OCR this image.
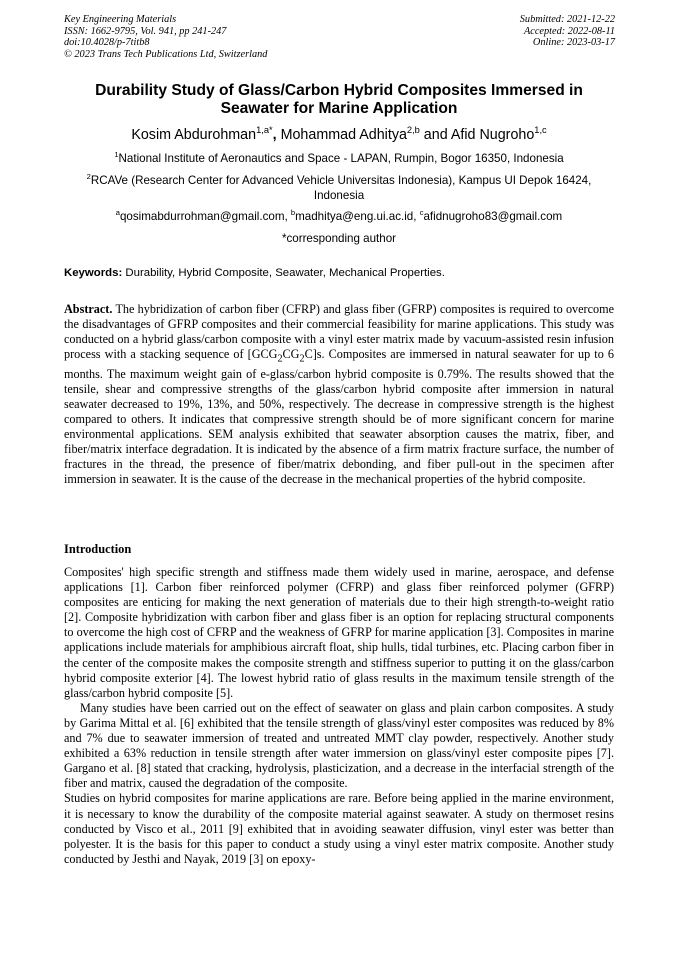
Key Engineering Materials
ISSN: 1662-9795, Vol. 941, pp 241-247
doi:10.4028/p-7titb8
© 2023 Trans Tech Publications Ltd, Switzerland
Submitted: 2021-12-22
Accepted: 2022-08-11
Online: 2023-03-17
Durability Study of Glass/Carbon Hybrid Composites Immersed in Seawater for Marine Application
Kosim Abdurohman$^{1,a*}$, Mohammad Adhitya$^{2,b}$ and Afid Nugroho$^{1,c}$
$^1$National Institute of Aeronautics and Space - LAPAN, Rumpin, Bogor 16350, Indonesia
$^2$RCAVe (Research Center for Advanced Vehicle Universitas Indonesia), Kampus UI Depok 16424, Indonesia
$^a$qosimabdurrohman@gmail.com, $^b$madhitya@eng.ui.ac.id, $^c$afidnugroho83@gmail.com
*corresponding author
Keywords: Durability, Hybrid Composite, Seawater, Mechanical Properties.
Abstract. The hybridization of carbon fiber (CFRP) and glass fiber (GFRP) composites is required to overcome the disadvantages of GFRP composites and their commercial feasibility for marine applications. This study was conducted on a hybrid glass/carbon composite with a vinyl ester matrix made by vacuum-assisted resin infusion process with a stacking sequence of $[GCG_2CG_2C]s$. Composites are immersed in natural seawater for up to 6 months. The maximum weight gain of e-glass/carbon hybrid composite is 0.79%. The results showed that the tensile, shear and compressive strengths of the glass/carbon hybrid composite after immersion in natural seawater decreased to 19%, 13%, and 50%, respectively. The decrease in compressive strength is the highest compared to others. It indicates that compressive strength should be of more significant concern for marine environmental applications. SEM analysis exhibited that seawater absorption causes the matrix, fiber, and fiber/matrix interface degradation. It is indicated by the absence of a firm matrix fracture surface, the number of fractures in the thread, the presence of fiber/matrix debonding, and fiber pull-out in the specimen after immersion in seawater. It is the cause of the decrease in the mechanical properties of the hybrid composite.
Introduction

Composites' high specific strength and stiffness made them widely used in marine, aerospace, and defense applications [1]. Carbon fiber reinforced polymer (CFRP) and glass fiber reinforced polymer (GFRP) composites are enticing for making the next generation of materials due to their high strength-to-weight ratio [2]. Composite hybridization with carbon fiber and glass fiber is an option for replacing structural components to overcome the high cost of CFRP and the weakness of GFRP for marine application [3]. Composites in marine applications include materials for amphibious aircraft float, ship hulls, tidal turbines, etc. Placing carbon fiber in the center of the composite makes the composite strength and stiffness superior to putting it on the glass/carbon hybrid composite exterior [4]. The lowest hybrid ratio of glass results in the maximum tensile strength of the glass/carbon hybrid composite [5].

Many studies have been carried out on the effect of seawater on glass and plain carbon composites. A study by Garima Mittal et al. [6] exhibited that the tensile strength of glass/vinyl ester composites was reduced by 8% and 7% due to seawater immersion of treated and untreated MMT clay powder, respectively. Another study exhibited a 63% reduction in tensile strength after water immersion on glass/vinyl ester composite pipes [7]. Gargano et al. [8] stated that cracking, hydrolysis, plasticization, and a decrease in the interfacial strength of the fiber and matrix, caused the degradation of the composite.

Studies on hybrid composites for marine applications are rare. Before being applied in the marine environment, it is necessary to know the durability of the composite material against seawater. A study on thermoset resins conducted by Visco et al., 2011 [9] exhibited that in avoiding seawater diffusion, vinyl ester was better than polyester. It is the basis for this paper to conduct a study using a vinyl ester matrix composite. Another study conducted by Jesthi and Nayak, 2019 [3] on epoxy-
